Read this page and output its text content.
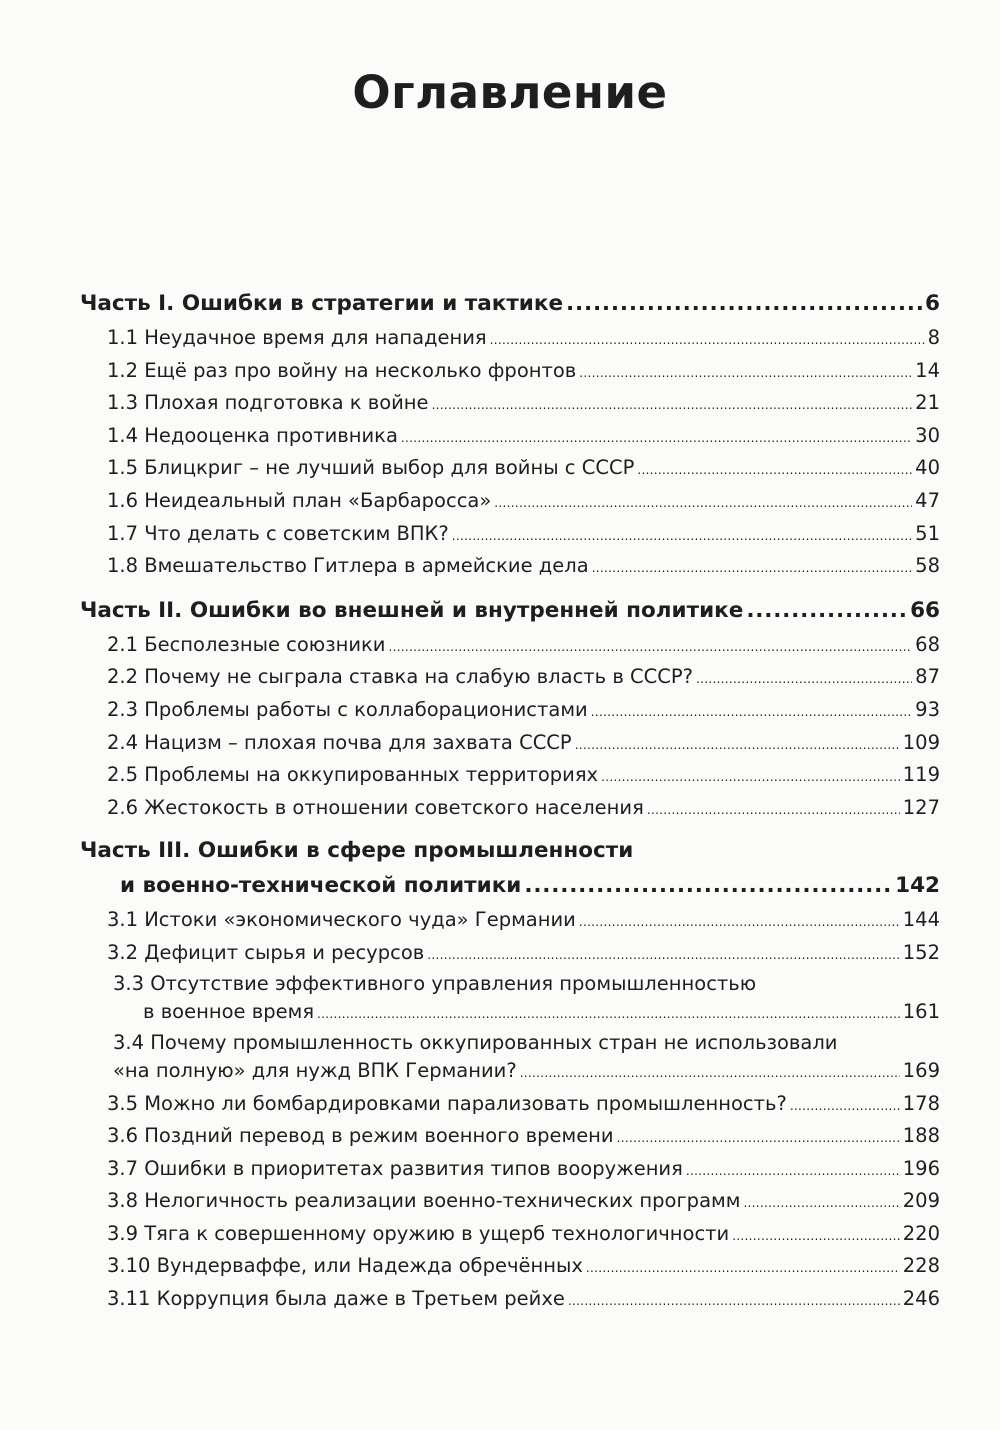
Оглавление
Часть I. Ошибки в стратегии и тактике .....	6
1.1 Неудачное время для нападения .....	8
1.2 Ещё раз про войну на несколько фронтов .....	14
1.3 Плохая подготовка к войне .....	21
1.4 Недооценка противника .....	30
1.5 Блицкриг – не лучший выбор для войны с СССР .....	40
1.6 Неидеальный план «Барбаросса» .....	47
1.7 Что делать с советским ВПК? .....	51
1.8 Вмешательство Гитлера в армейские дела .....	58
Часть II. Ошибки во внешней и внутренней политике .....	66
2.1 Бесполезные союзники .....	68
2.2 Почему не сыграла ставка на слабую власть в СССР? .....	87
2.3 Проблемы работы с коллаборационистами .....	93
2.4 Нацизм – плохая почва для захвата СССР .....	109
2.5 Проблемы на оккупированных территориях .....	119
2.6 Жестокость в отношении советского населения .....	127
Часть III. Ошибки в сфере промышленности
и военно-технической политики .....	142
3.1 Истоки «экономического чуда» Германии .....	144
3.2 Дефицит сырья и ресурсов .....	152
3.3 Отсутствие эффективного управления промышленностью
в военное время .....	161
3.4 Почему промышленность оккупированных стран не использовали
«на полную» для нужд ВПК Германии? .....	169
3.5 Можно ли бомбардировками парализовать промышленность? .....	178
3.6 Поздний перевод в режим военного времени .....	188
3.7 Ошибки в приоритетах развития типов вооружения .....	196
3.8 Нелогичность реализации военно-технических программ .....	209
3.9 Тяга к совершенному оружию в ущерб технологичности .....	220
3.10 Вундерваффе, или Надежда обречённых .....	228
3.11 Коррупция была даже в Третьем рейхе .....	246
